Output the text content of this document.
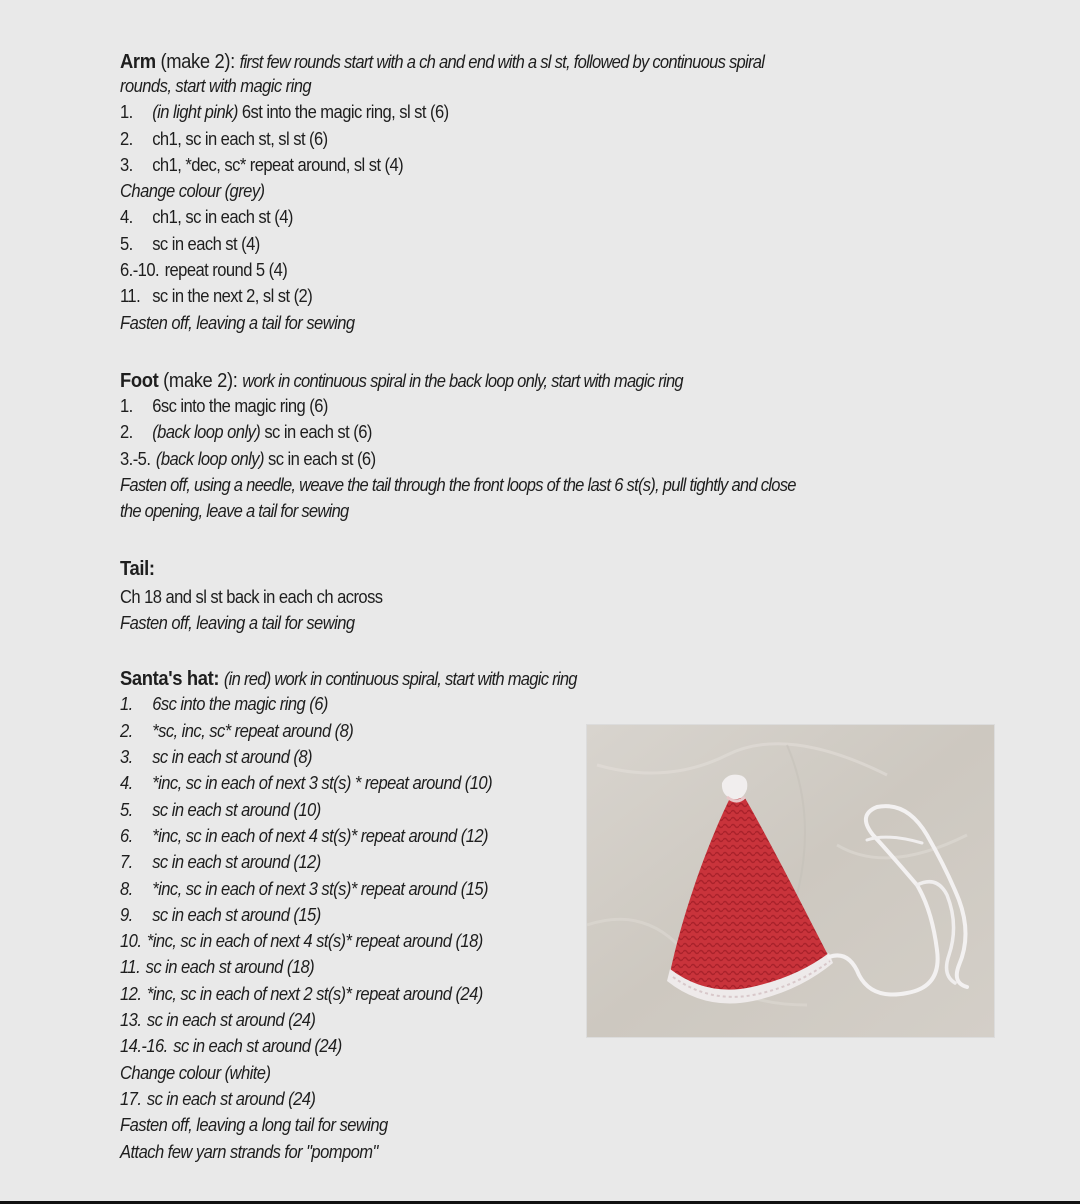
Arm (make 2): first few rounds start with a ch and end with a sl st, followed by continuous spiral
rounds, start with magic ring
1. (in light pink) 6st into the magic ring, sl st (6)
2. ch1, sc in each st, sl st (6)
3. ch1, *dec, sc* repeat around, sl st (4)
Change colour (grey)
4. ch1, sc in each st (4)
5. sc in each st (4)
6.-10. repeat round 5 (4)
11. sc in the next 2, sl st (2)
Fasten off, leaving a tail for sewing
Foot (make 2): work in continuous spiral in the back loop only, start with magic ring
1. 6sc into the magic ring (6)
2. (back loop only) sc in each st (6)
3.-5. (back loop only) sc in each st (6)
Fasten off, using a needle, weave the tail through the front loops of the last 6 st(s), pull tightly and close
the opening, leave a tail for sewing
Tail:
Ch 18 and sl st back in each ch across
Fasten off, leaving a tail for sewing
Santa's hat: (in red) work in continuous spiral, start with magic ring
1. 6sc into the magic ring (6)
2. *sc, inc, sc* repeat around (8)
3. sc in each st around (8)
4. *inc, sc in each of next 3 st(s) * repeat around (10)
5. sc in each st around (10)
6. *inc, sc in each of next 4 st(s)* repeat around (12)
7. sc in each st around (12)
8. *inc, sc in each of next 3 st(s)* repeat around (15)
9. sc in each st around (15)
10. *inc, sc in each of next 4 st(s)* repeat around (18)
11. sc in each st around (18)
12. *inc, sc in each of next 2 st(s)* repeat around (24)
13. sc in each st around (24)
14.-16. sc in each st around (24)
Change colour (white)
17. sc in each st around (24)
Fasten off, leaving a long tail for sewing
Attach few yarn strands for "pompom"
